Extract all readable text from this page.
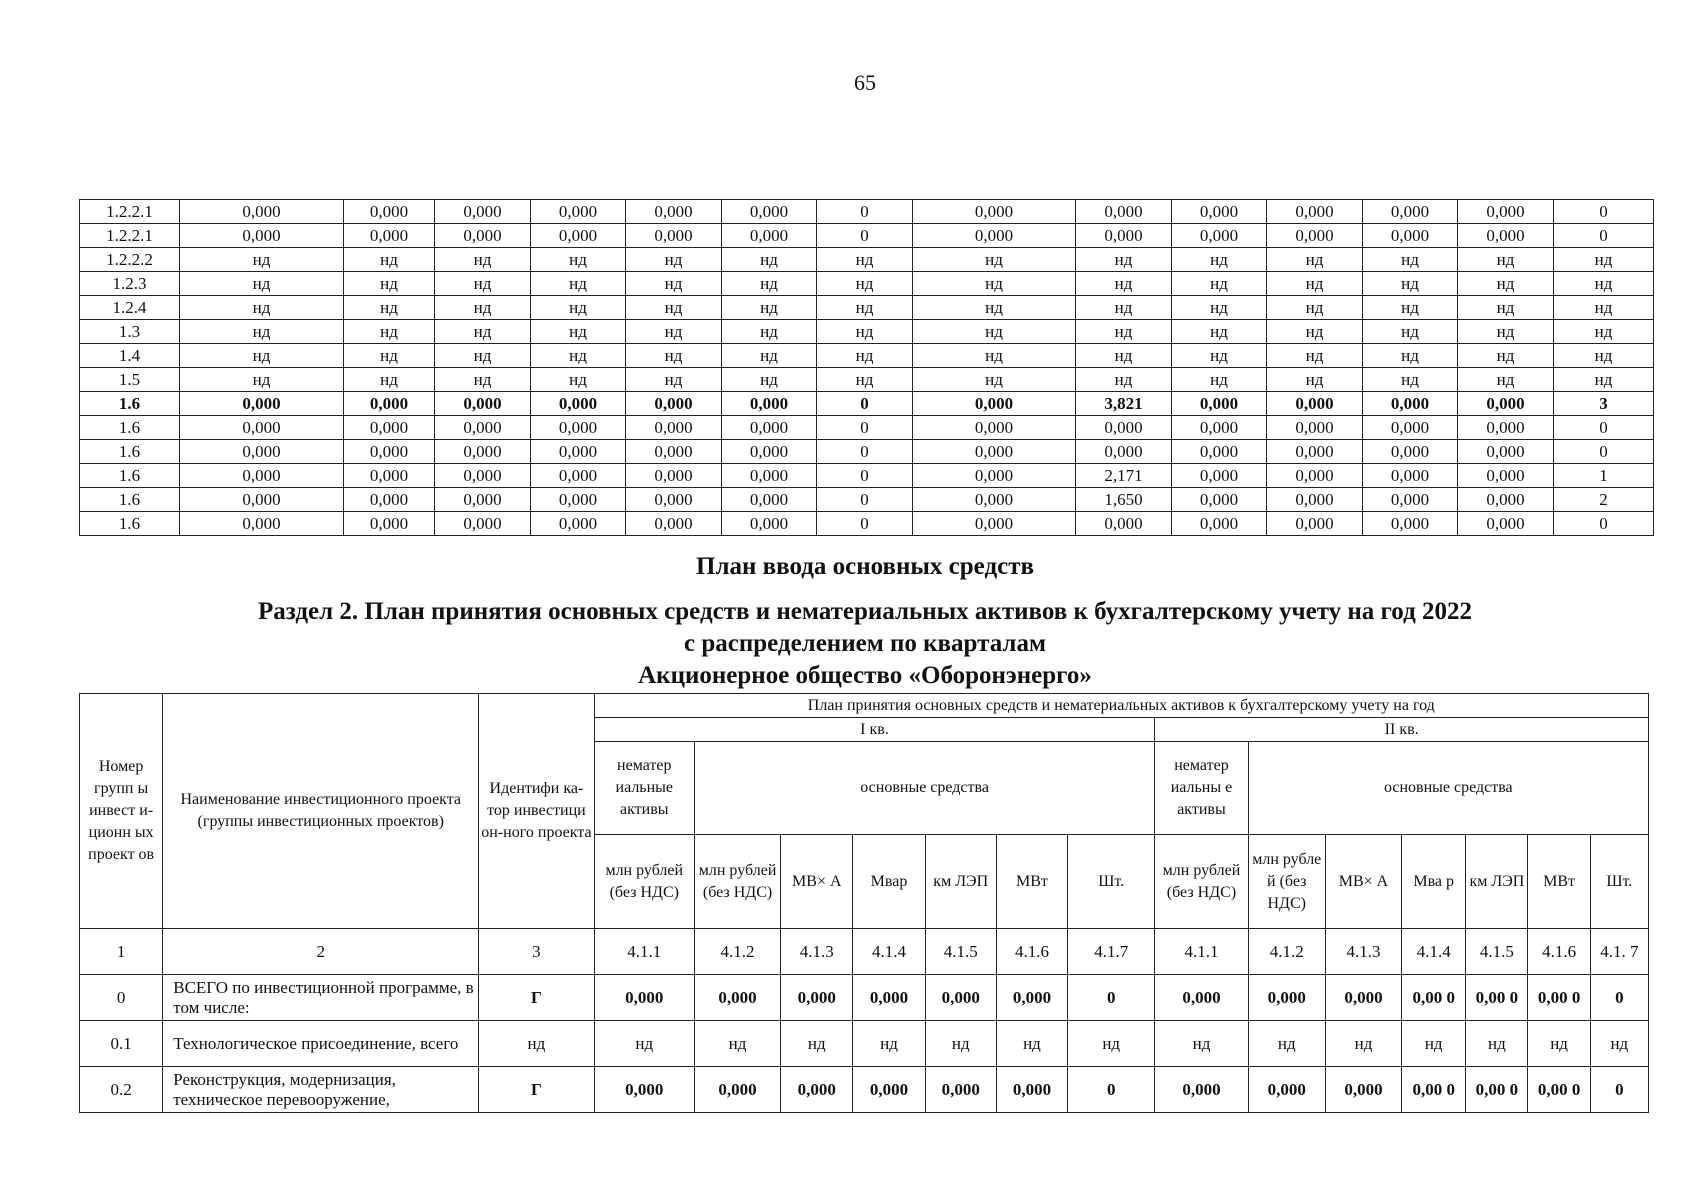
65
1.2.2.1	0,000	0,000	0,000	0,000	0,000	0,000	0	0,000	0,000	0,000	0,000	0,000	0,000	0
1.2.2.1	0,000	0,000	0,000	0,000	0,000	0,000	0	0,000	0,000	0,000	0,000	0,000	0,000	0
1.2.2.2	нд	нд	нд	нд	нд	нд	нд	нд	нд	нд	нд	нд	нд	нд
1.2.3	нд	нд	нд	нд	нд	нд	нд	нд	нд	нд	нд	нд	нд	нд
1.2.4	нд	нд	нд	нд	нд	нд	нд	нд	нд	нд	нд	нд	нд	нд
1.3	нд	нд	нд	нд	нд	нд	нд	нд	нд	нд	нд	нд	нд	нд
1.4	нд	нд	нд	нд	нд	нд	нд	нд	нд	нд	нд	нд	нд	нд
1.5	нд	нд	нд	нд	нд	нд	нд	нд	нд	нд	нд	нд	нд	нд
1.6	0,000	0,000	0,000	0,000	0,000	0,000	0	0,000	3,821	0,000	0,000	0,000	0,000	3
1.6	0,000	0,000	0,000	0,000	0,000	0,000	0	0,000	0,000	0,000	0,000	0,000	0,000	0
1.6	0,000	0,000	0,000	0,000	0,000	0,000	0	0,000	0,000	0,000	0,000	0,000	0,000	0
1.6	0,000	0,000	0,000	0,000	0,000	0,000	0	0,000	2,171	0,000	0,000	0,000	0,000	1
1.6	0,000	0,000	0,000	0,000	0,000	0,000	0	0,000	1,650	0,000	0,000	0,000	0,000	2
1.6	0,000	0,000	0,000	0,000	0,000	0,000	0	0,000	0,000	0,000	0,000	0,000	0,000	0
План ввода основных средств
Раздел 2. План принятия основных средств и нематериальных активов к бухгалтерскому учету на год 2022
с распределением по кварталам
Акционерное общество «Оборонэнерго»
Номер групп ы инвест и- ционн ых проект ов	Наименование инвестиционного проекта (группы инвестиционных проектов)	Идентифи ка-тор инвестици он-ного проекта	План принятия основных средств и нематериальных активов к бухгалтерскому учету на год													
			I кв.							II кв.						
			нематер иальные активы	основные средства						нематер иальны е активы	основные средства					
			млн рублей (без НДС)	млн рублей (без НДС)	МВ× А	Мвар	км ЛЭП	МВт	Шт.	млн рублей (без НДС)	млн рубле й (без НДС)	МВ× А	Мва р	км ЛЭП	МВт	Шт.
1	2	3	4.1.1	4.1.2	4.1.3	4.1.4	4.1.5	4.1.6	4.1.7	4.1.1	4.1.2	4.1.3	4.1.4	4.1.5	4.1.6	4.1. 7
0	ВСЕГО по инвестиционной программе, в том числе:	Г	0,000	0,000	0,000	0,000	0,000	0,000	0	0,000	0,000	0,000	0,00 0	0,00 0	0,00 0	0
0.1	Технологическое присоединение, всего	нд	нд	нд	нд	нд	нд	нд	нд	нд	нд	нд	нд	нд	нд	нд
0.2	Реконструкция, модернизация, техническое перевооружение,	Г	0,000	0,000	0,000	0,000	0,000	0,000	0	0,000	0,000	0,000	0,00 0	0,00 0	0,00 0	0
